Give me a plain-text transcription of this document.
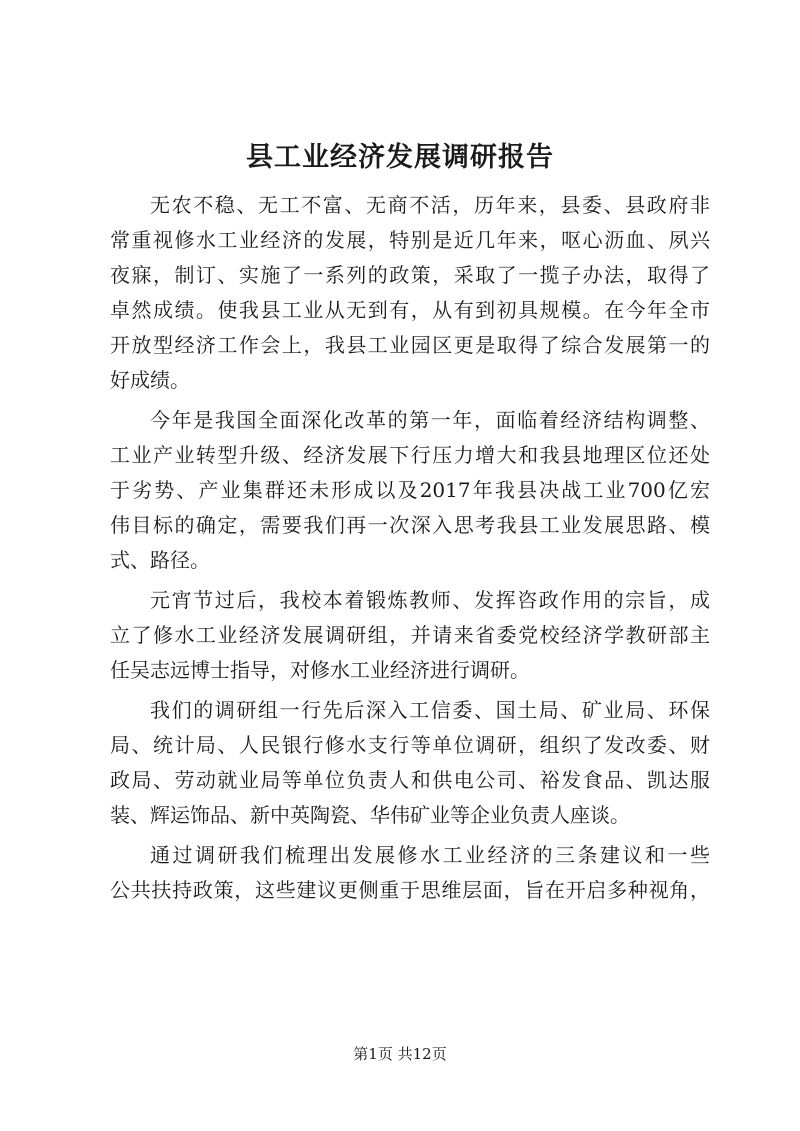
县工业经济发展调研报告
无农不稳、无工不富、无商不活，历年来，县委、县政府非
常重视修水工业经济的发展，特别是近几年来，呕心沥血、夙兴
夜寐，制订、实施了一系列的政策，采取了一揽子办法，取得了
卓然成绩。使我县工业从无到有，从有到初具规模。在今年全市
开放型经济工作会上，我县工业园区更是取得了综合发展第一的
好成绩。
今年是我国全面深化改革的第一年，面临着经济结构调整、
工业产业转型升级、经济发展下行压力增大和我县地理区位还处
于劣势、产业集群还未形成以及2017年我县决战工业700亿宏
伟目标的确定，需要我们再一次深入思考我县工业发展思路、模
式、路径。
元宵节过后，我校本着锻炼教师、发挥咨政作用的宗旨，成
立了修水工业经济发展调研组，并请来省委党校经济学教研部主
任吴志远博士指导，对修水工业经济进行调研。
我们的调研组一行先后深入工信委、国土局、矿业局、环保
局、统计局、人民银行修水支行等单位调研，组织了发改委、财
政局、劳动就业局等单位负责人和供电公司、裕发食品、凯达服
装、辉运饰品、新中英陶瓷、华伟矿业等企业负责人座谈。
通过调研我们梳理出发展修水工业经济的三条建议和一些
公共扶持政策，这些建议更侧重于思维层面，旨在开启多种视角，
第1页 共12页
